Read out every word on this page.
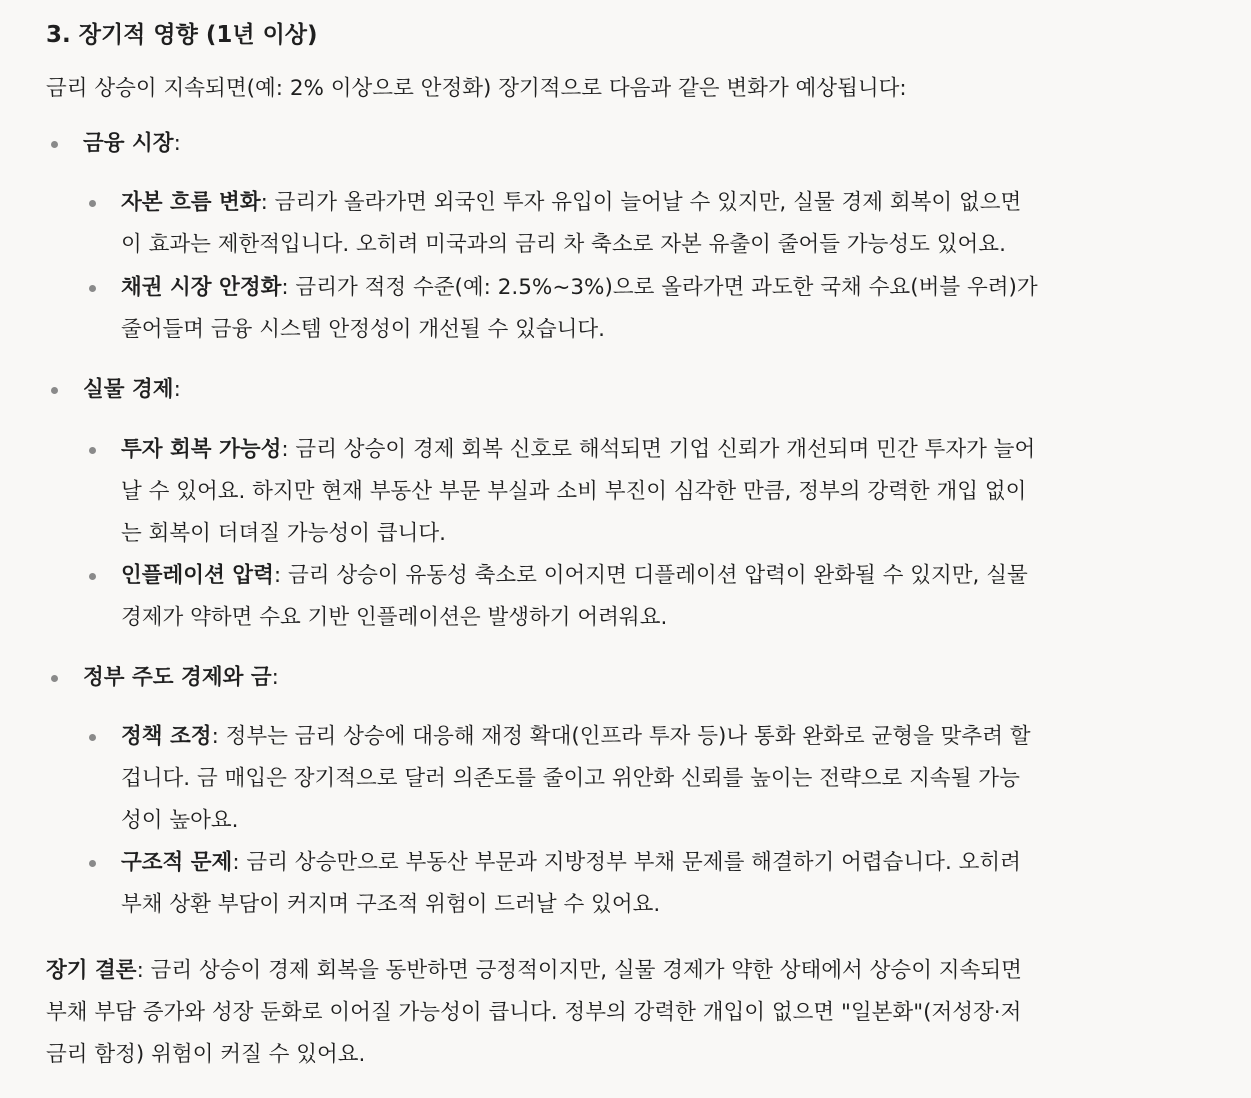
3. 장기적 영향 (1년 이상)

금리 상승이 지속되면(예: 2% 이상으로 안정화) 장기적으로 다음과 같은 변화가 예상됩니다:

금융 시장:
자본 흐름 변화: 금리가 올라가면 외국인 투자 유입이 늘어날 수 있지만, 실물 경제 회복이 없으면
이 효과는 제한적입니다. 오히려 미국과의 금리 차 축소로 자본 유출이 줄어들 가능성도 있어요.
채권 시장 안정화: 금리가 적정 수준(예: 2.5%~3%)으로 올라가면 과도한 국채 수요(버블 우려)가
줄어들며 금융 시스템 안정성이 개선될 수 있습니다.
실물 경제:
투자 회복 가능성: 금리 상승이 경제 회복 신호로 해석되면 기업 신뢰가 개선되며 민간 투자가 늘어
날 수 있어요. 하지만 현재 부동산 부문 부실과 소비 부진이 심각한 만큼, 정부의 강력한 개입 없이
는 회복이 더뎌질 가능성이 큽니다.
인플레이션 압력: 금리 상승이 유동성 축소로 이어지면 디플레이션 압력이 완화될 수 있지만, 실물
경제가 약하면 수요 기반 인플레이션은 발생하기 어려워요.
정부 주도 경제와 금:
정책 조정: 정부는 금리 상승에 대응해 재정 확대(인프라 투자 등)나 통화 완화로 균형을 맞추려 할
겁니다. 금 매입은 장기적으로 달러 의존도를 줄이고 위안화 신뢰를 높이는 전략으로 지속될 가능
성이 높아요.
구조적 문제: 금리 상승만으로 부동산 부문과 지방정부 부채 문제를 해결하기 어렵습니다. 오히려
부채 상환 부담이 커지며 구조적 위험이 드러날 수 있어요.
장기 결론: 금리 상승이 경제 회복을 동반하면 긍정적이지만, 실물 경제가 약한 상태에서 상승이 지속되면
부채 부담 증가와 성장 둔화로 이어질 가능성이 큽니다. 정부의 강력한 개입이 없으면 "일본화"(저성장·저
금리 함정) 위험이 커질 수 있어요.
